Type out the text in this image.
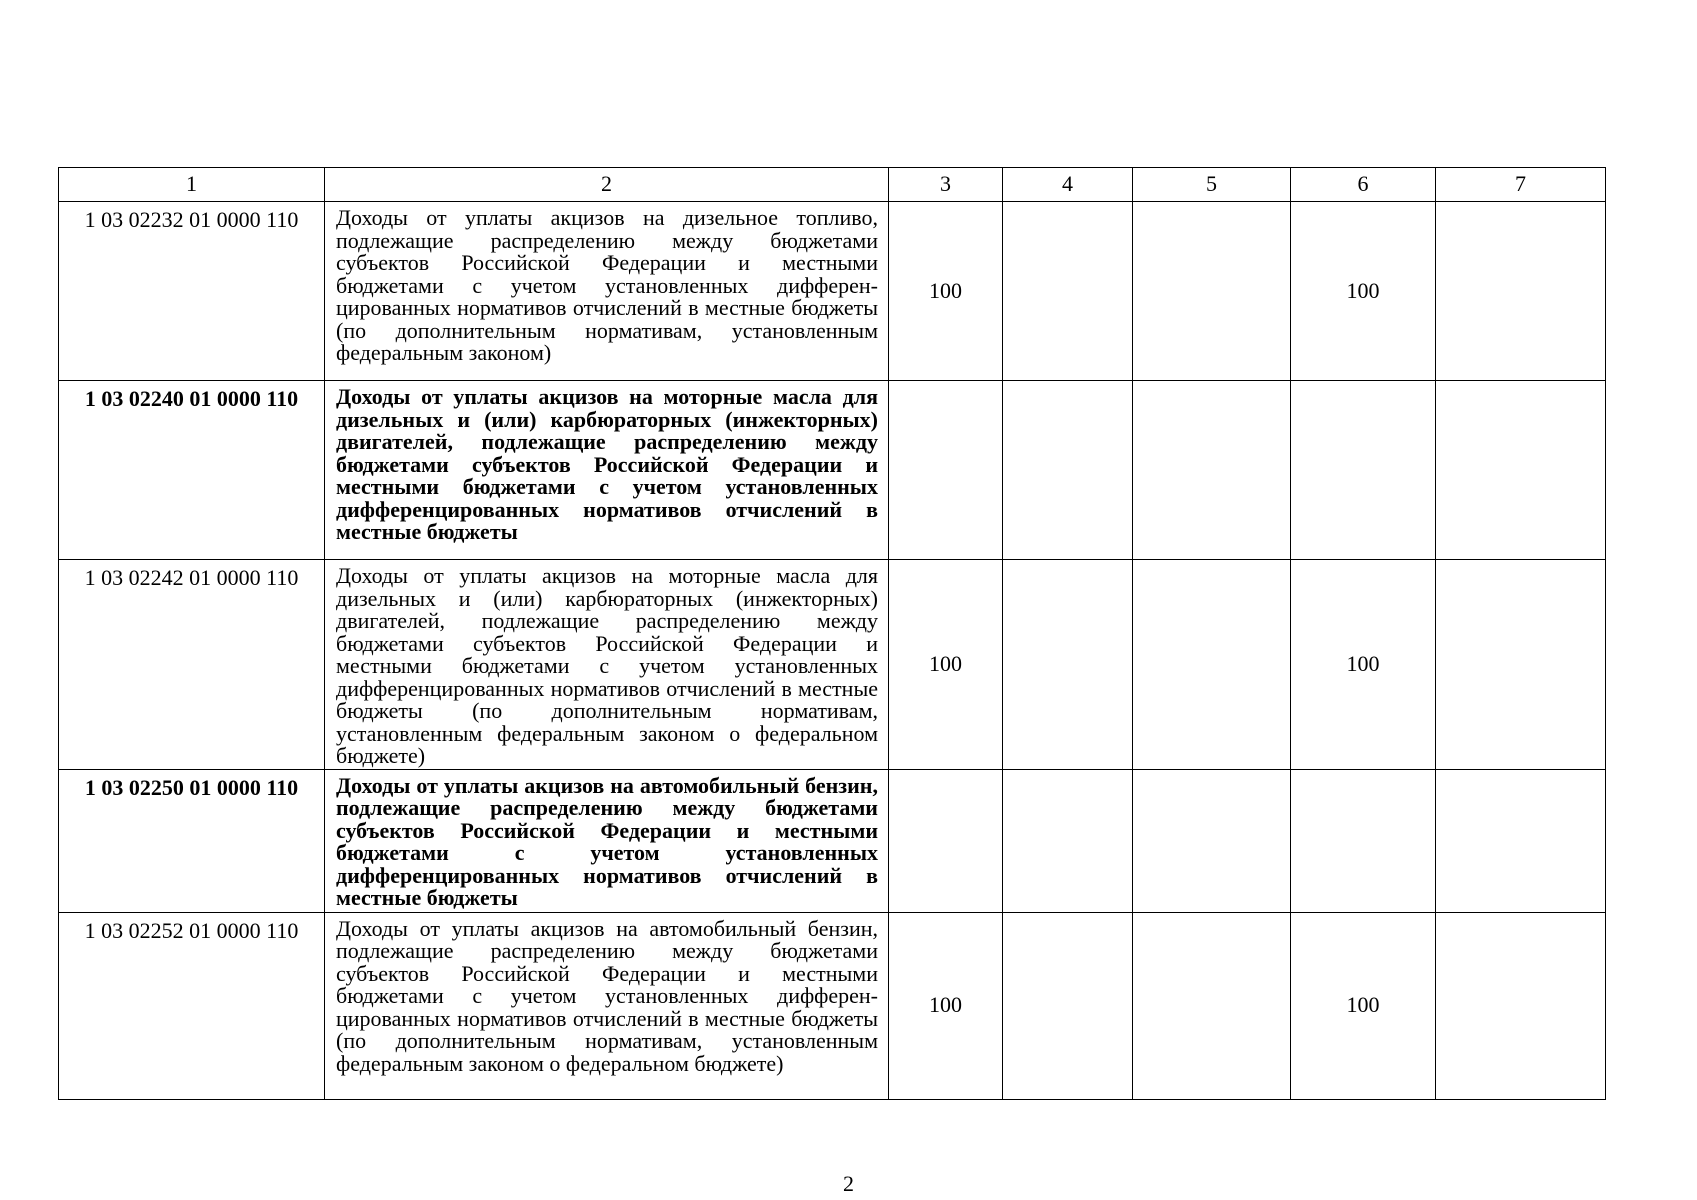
1	2	3	4	5	6	7
1 03 02232 01 0000 110	Доходы от уплаты акцизов на дизельное топливо, подлежащие распределению между бюджетами субъектов Российской Федерации и местными бюджетами с учетом установленных дифференцированных нормативов отчислений в местные бюджеты (по дополнительным нормативам, установленным федеральным законом)	100			100	
1 03 02240 01 0000 110	Доходы от уплаты акцизов на моторные масла для дизельных и (или) карбюраторных (инжекторных) двигателей, подлежащие распределению между бюджетами субъектов Российской Федерации и местными бюджетами с учетом установленных дифференцированных нормативов отчислений в местные бюджеты					
1 03 02242 01 0000 110	Доходы от уплаты акцизов на моторные масла для дизельных и (или) карбюраторных (инжекторных) двигателей, подлежащие распределению между бюджетами субъектов Российской Федерации и местными бюджетами с учетом установленных дифференцированных нормативов отчислений в местные бюджеты (по дополнительным нормативам, установленным федеральным законом о федеральном бюджете)	100			100	
1 03 02250 01 0000 110	Доходы от уплаты акцизов на автомобильный бензин, подлежащие распределению между бюджетами субъектов Российской Федерации и местными бюджетами с учетом установленных дифференцированных нормативов отчислений в местные бюджеты					
1 03 02252 01 0000 110	Доходы от уплаты акцизов на автомобильный бензин, подлежащие распределению между бюджетами субъектов Российской Федерации и местными бюджетами с учетом установленных дифференцированных нормативов отчислений в местные бюджеты (по дополнительным нормативам, установленным федеральным законом о федеральном бюджете)	100			100	
2
